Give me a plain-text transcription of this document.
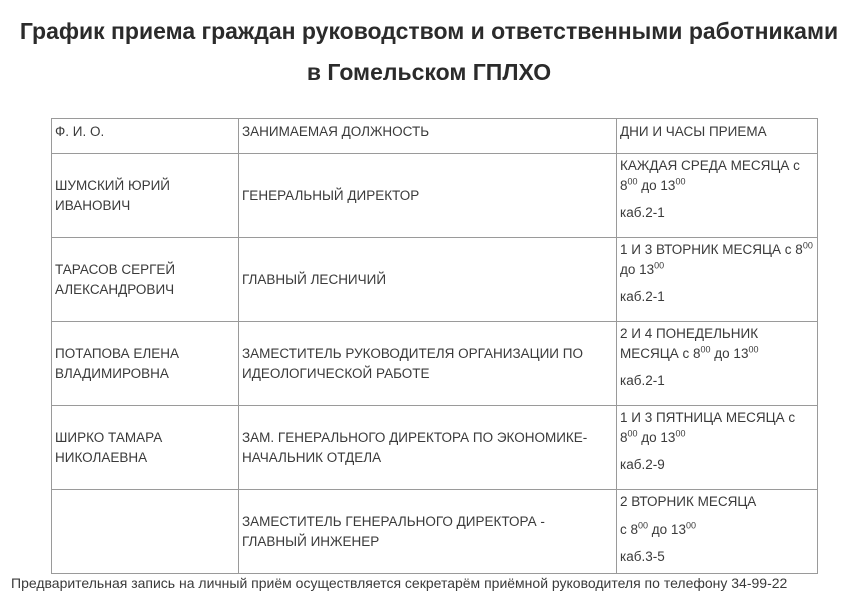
График приема граждан руководством и ответственными работниками
в Гомельском ГПЛХО
Ф. И. О.	ЗАНИМАЕМАЯ ДОЛЖНОСТЬ	ДНИ И ЧАСЫ ПРИЕМА
ШУМСКИЙ ЮРИЙ ИВАНОВИЧ	ГЕНЕРАЛЬНЫЙ ДИРЕКТОР	КАЖДАЯ СРЕДА МЕСЯЦА с $8^{00}$ до $13^{00}$
каб.2-1

ТАРАСОВ СЕРГЕЙ АЛЕКСАНДРОВИЧ	ГЛАВНЫЙ ЛЕСНИЧИЙ	1 И 3 ВТОРНИК МЕСЯЦА с $8^{00}$ до $13^{00}$
каб.2-1

ПОТАПОВА ЕЛЕНА ВЛАДИМИРОВНА	ЗАМЕСТИТЕЛЬ РУКОВОДИТЕЛЯ ОРГАНИЗАЦИИ ПО ИДЕОЛОГИЧЕСКОЙ РАБОТЕ	2 И 4 ПОНЕДЕЛЬНИК МЕСЯЦА с $8^{00}$ до $13^{00}$
каб.2-1

ШИРКО ТАМАРА НИКОЛАЕВНА	ЗАМ. ГЕНЕРАЛЬНОГО ДИРЕКТОРА ПО ЭКОНОМИКЕ-НАЧАЛЬНИК ОТДЕЛА	1 И 3 ПЯТНИЦА МЕСЯЦА с $8^{00}$ до $13^{00}$
каб.2-9

	ЗАМЕСТИТЕЛЬ ГЕНЕРАЛЬНОГО ДИРЕКТОРА - ГЛАВНЫЙ ИНЖЕНЕР	2 ВТОРНИК МЕСЯЦА
с $8^{00}$ до $13^{00}$
каб.3-5
Предварительная запись на личный приём осуществляется секретарём приёмной руководителя по телефону 34-99-22
